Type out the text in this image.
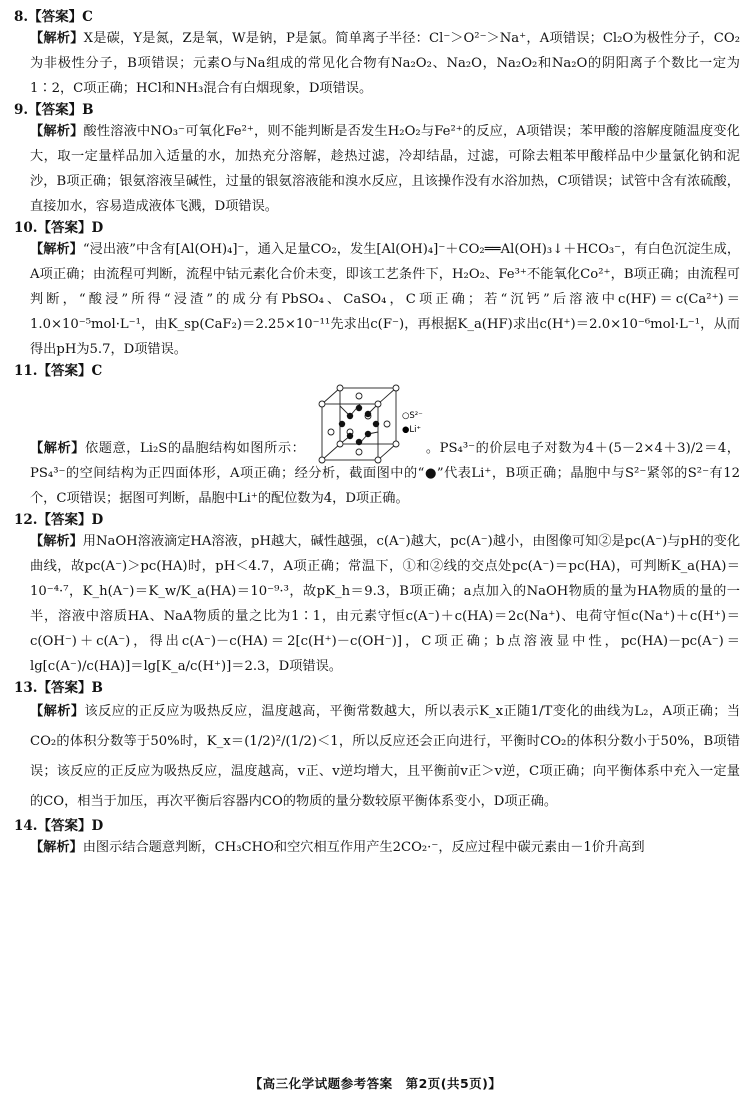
8.【答案】C

【解析】X是碳，Y是氮，Z是氧，W是钠，P是氯。简单离子半径：Cl⁻＞O²⁻＞Na⁺，A项错误；Cl₂O为极性分子，CO₂为非极性分子，B项错误；元素O与Na组成的常见化合物有Na₂O₂、Na₂O，Na₂O₂和Na₂O的阴阳离子个数比一定为1∶2，C项正确；HCl和NH₃混合有白烟现象，D项错误。

9.【答案】B

【解析】酸性溶液中NO₃⁻可氧化Fe²⁺，则不能判断是否发生H₂O₂与Fe²⁺的反应，A项错误；苯甲酸的溶解度随温度变化大，取一定量样品加入适量的水，加热充分溶解，趁热过滤，冷却结晶，过滤，可除去粗苯甲酸样品中少量氯化钠和泥沙，B项正确；银氨溶液呈碱性，过量的银氨溶液能和溴水反应，且该操作没有水浴加热，C项错误；试管中含有浓硫酸，直接加水，容易造成液体飞溅，D项错误。

10.【答案】D

【解析】“浸出液”中含有[Al(OH)₄]⁻，通入足量CO₂，发生[Al(OH)₄]⁻＋CO₂══Al(OH)₃↓＋HCO₃⁻，有白色沉淀生成，A项正确；由流程可判断，流程中钴元素化合价未变，即该工艺条件下，H₂O₂、Fe³⁺不能氧化Co²⁺，B项正确；由流程可判断，“酸浸”所得“浸渣”的成分有PbSO₄、CaSO₄，C项正确；若“沉钙”后溶液中c(HF)＝c(Ca²⁺)＝1.0×10⁻⁵mol·L⁻¹，由K_sp(CaF₂)＝2.25×10⁻¹¹先求出c(F⁻)，再根据K_a(HF)求出c(H⁺)＝2.0×10⁻⁶mol·L⁻¹，从而得出pH为5.7，D项错误。

11.【答案】C
○S²⁻
●Li⁺

【解析】依题意，Li₂S的晶胞结构如图所示：	。PS₄³⁻的价层电子对数为4＋(5－2×4＋3)/2＝4，PS₄³⁻的空间结构为正四面体形，A项正确；经分析，截面图中的“●”代表Li⁺，B项正确；晶胞中与S²⁻紧邻的S²⁻有12个，C项错误；据图可判断，晶胞中Li⁺的配位数为4，D项正确。

12.【答案】D

【解析】用NaOH溶液滴定HA溶液，pH越大，碱性越强，c(A⁻)越大，pc(A⁻)越小，由图像可知②是pc(A⁻)与pH的变化曲线，故pc(A⁻)＞pc(HA)时，pH＜4.7，A项正确；常温下，①和②线的交点处pc(A⁻)＝pc(HA)，可判断K_a(HA)＝10⁻⁴·⁷，K_h(A⁻)＝K_w/K_a(HA)＝10⁻⁹·³，故pK_h＝9.3，B项正确；a点加入的NaOH物质的量为HA物质的量的一半，溶液中溶质HA、NaA物质的量之比为1∶1，由元素守恒c(A⁻)＋c(HA)＝2c(Na⁺)、电荷守恒c(Na⁺)＋c(H⁺)＝c(OH⁻)＋c(A⁻)，得出c(A⁻)－c(HA)＝2[c(H⁺)－c(OH⁻)]，C项正确；b点溶液显中性，pc(HA)－pc(A⁻)＝lg[c(A⁻)/c(HA)]＝lg[K_a/c(H⁺)]＝2.3，D项错误。

13.【答案】B

【解析】该反应的正反应为吸热反应，温度越高，平衡常数越大，所以表示K_x正随1/T变化的曲线为L₂，A项正确；当CO₂的体积分数等于50%时，K_x＝(1/2)²/(1/2)＜1，所以反应还会正向进行，平衡时CO₂的体积分数小于50%，B项错误；该反应的正反应为吸热反应，温度越高，v正、v逆均增大，且平衡前v正＞v逆，C项正确；向平衡体系中充入一定量的CO，相当于加压，再次平衡后容器内CO的物质的量分数较原平衡体系变小，D项正确。

14.【答案】D

【解析】由图示结合题意判断，CH₃CHO和空穴相互作用产生2CO₂·⁻，反应过程中碳元素由－1价升高到

【高三化学试题参考答案　第2页(共5页)】
